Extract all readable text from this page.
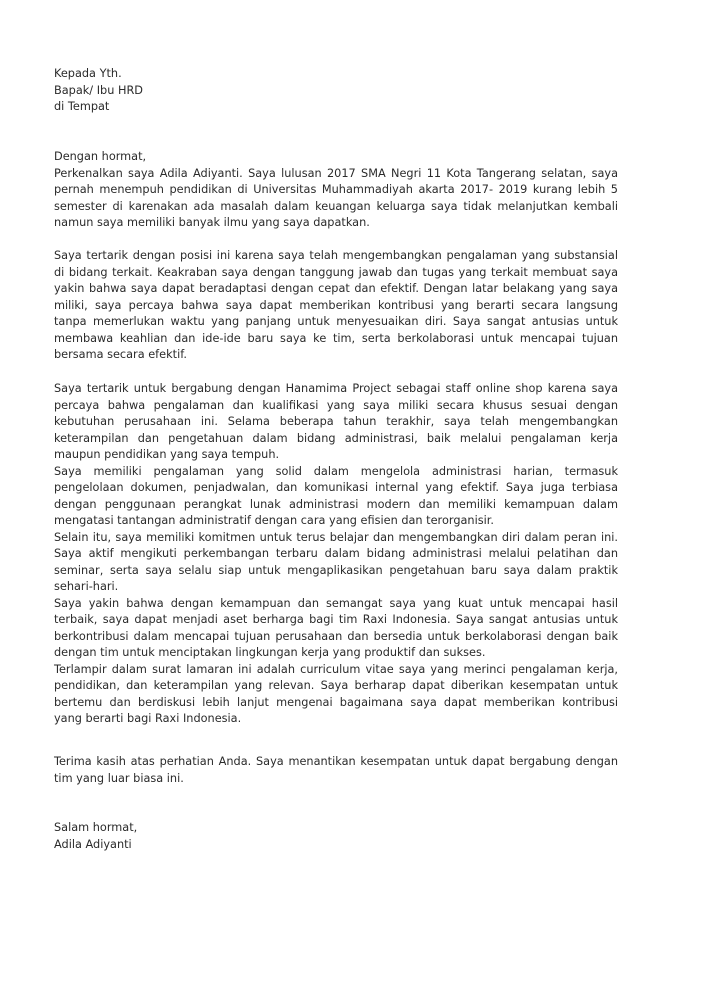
Kepada Yth.
Bapak/ Ibu HRD
di Tempat
Dengan hormat,
Perkenalkan saya Adila Adiyanti. Saya lulusan 2017 SMA Negri 11 Kota Tangerang selatan, saya
pernah menempuh pendidikan di Universitas Muhammadiyah akarta 2017- 2019 kurang lebih 5
semester di karenakan ada masalah dalam keuangan keluarga saya tidak melanjutkan kembali
namun saya memiliki banyak ilmu yang saya dapatkan.
Saya tertarik dengan posisi ini karena saya telah mengembangkan pengalaman yang substansial
di bidang terkait. Keakraban saya dengan tanggung jawab dan tugas yang terkait membuat saya
yakin bahwa saya dapat beradaptasi dengan cepat dan efektif. Dengan latar belakang yang saya
miliki, saya percaya bahwa saya dapat memberikan kontribusi yang berarti secara langsung
tanpa memerlukan waktu yang panjang untuk menyesuaikan diri. Saya sangat antusias untuk
membawa keahlian dan ide-ide baru saya ke tim, serta berkolaborasi untuk mencapai tujuan
bersama secara efektif.
Saya tertarik untuk bergabung dengan Hanamima Project sebagai staff online shop karena saya
percaya bahwa pengalaman dan kualifikasi yang saya miliki secara khusus sesuai dengan
kebutuhan perusahaan ini. Selama beberapa tahun terakhir, saya telah mengembangkan
keterampilan dan pengetahuan dalam bidang administrasi, baik melalui pengalaman kerja
maupun pendidikan yang saya tempuh.
Saya memiliki pengalaman yang solid dalam mengelola administrasi harian, termasuk
pengelolaan dokumen, penjadwalan, dan komunikasi internal yang efektif. Saya juga terbiasa
dengan penggunaan perangkat lunak administrasi modern dan memiliki kemampuan dalam
mengatasi tantangan administratif dengan cara yang efisien dan terorganisir.
Selain itu, saya memiliki komitmen untuk terus belajar dan mengembangkan diri dalam peran ini.
Saya aktif mengikuti perkembangan terbaru dalam bidang administrasi melalui pelatihan dan
seminar, serta saya selalu siap untuk mengaplikasikan pengetahuan baru saya dalam praktik
sehari-hari.
Saya yakin bahwa dengan kemampuan dan semangat saya yang kuat untuk mencapai hasil
terbaik, saya dapat menjadi aset berharga bagi tim Raxi Indonesia. Saya sangat antusias untuk
berkontribusi dalam mencapai tujuan perusahaan dan bersedia untuk berkolaborasi dengan baik
dengan tim untuk menciptakan lingkungan kerja yang produktif dan sukses.
Terlampir dalam surat lamaran ini adalah curriculum vitae saya yang merinci pengalaman kerja,
pendidikan, dan keterampilan yang relevan. Saya berharap dapat diberikan kesempatan untuk
bertemu dan berdiskusi lebih lanjut mengenai bagaimana saya dapat memberikan kontribusi
yang berarti bagi Raxi Indonesia.
Terima kasih atas perhatian Anda. Saya menantikan kesempatan untuk dapat bergabung dengan
tim yang luar biasa ini.
Salam hormat,
Adila Adiyanti
